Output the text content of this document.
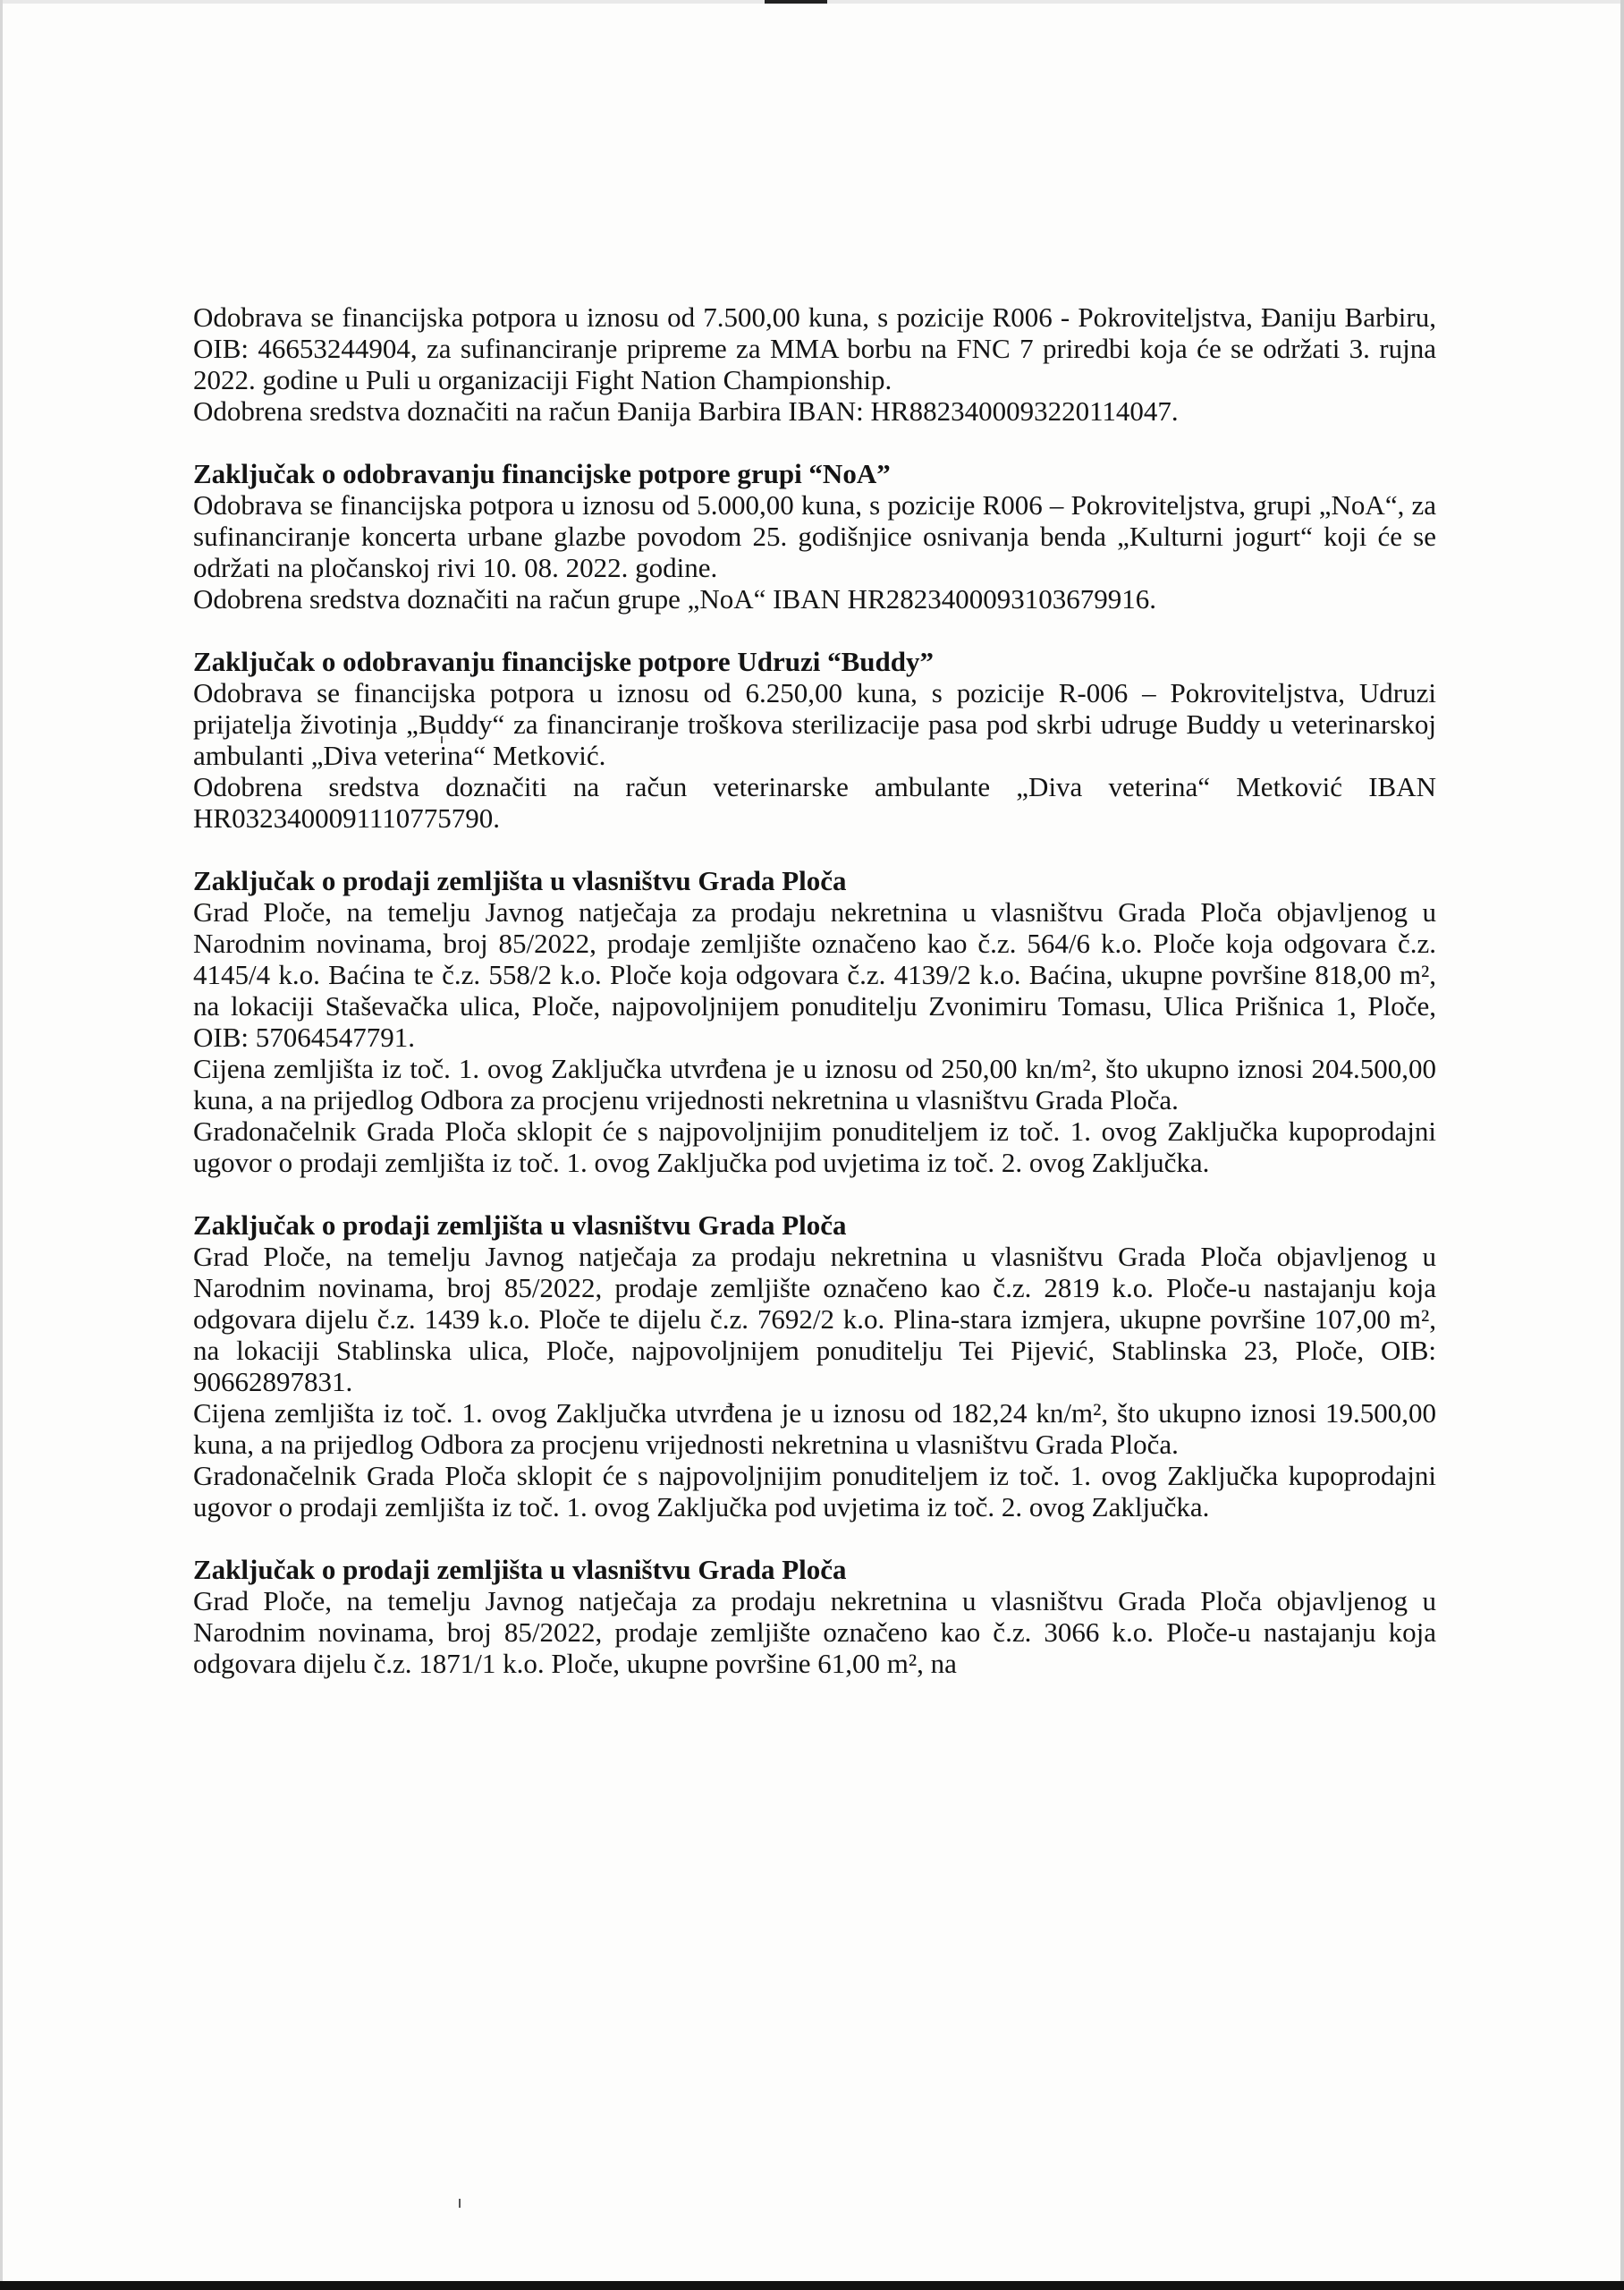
Odobrava se financijska potpora u iznosu od 7.500,00 kuna, s pozicije R006 - Pokroviteljstva, Đaniju Barbiru, OIB: 46653244904, za sufinanciranje pripreme za MMA borbu na FNC 7 priredbi koja će se održati 3. rujna 2022. godine u Puli u organizaciji Fight Nation Championship.

Odobrena sredstva doznačiti na račun Đanija Barbira IBAN: HR8823400093220114047.

Zaključak o odobravanju financijske potpore grupi “NoA”

Odobrava se financijska potpora u iznosu od 5.000,00 kuna, s pozicije R006 – Pokroviteljstva, grupi „NoA“, za sufinanciranje koncerta urbane glazbe povodom 25. godišnjice osnivanja benda „Kulturni jogurt“ koji će se održati na pločanskoj rivi 10. 08. 2022. godine.

Odobrena sredstva doznačiti na račun grupe „NoA“ IBAN HR2823400093103679916.

Zaključak o odobravanju financijske potpore Udruzi “Buddy”

Odobrava se financijska potpora u iznosu od 6.250,00 kuna, s pozicije R-006 – Pokroviteljstva, Udruzi prijatelja životinja „Buddy“ za financiranje troškova sterilizacije pasa pod skrbi udruge Buddy u veterinarskoj ambulanti „Diva veterina“ Metković.

Odobrena sredstva doznačiti na račun veterinarske ambulante „Diva veterina“ Metković IBAN HR0323400091110775790.

Zaključak o prodaji zemljišta u vlasništvu Grada Ploča

Grad Ploče, na temelju Javnog natječaja za prodaju nekretnina u vlasništvu Grada Ploča objavljenog u Narodnim novinama, broj 85/2022, prodaje zemljište označeno kao č.z. 564/6 k.o. Ploče koja odgovara č.z. 4145/4 k.o. Baćina te č.z. 558/2 k.o. Ploče koja odgovara č.z. 4139/2 k.o. Baćina, ukupne površine 818,00 m², na lokaciji Staševačka ulica, Ploče, najpovoljnijem ponuditelju Zvonimiru Tomasu, Ulica Prišnica 1, Ploče, OIB: 57064547791.

Cijena zemljišta iz toč. 1. ovog Zaključka utvrđena je u iznosu od 250,00 kn/m², što ukupno iznosi 204.500,00 kuna, a na prijedlog Odbora za procjenu vrijednosti nekretnina u vlasništvu Grada Ploča.

Gradonačelnik Grada Ploča sklopit će s najpovoljnijim ponuditeljem iz toč. 1. ovog Zaključka kupoprodajni ugovor o prodaji zemljišta iz toč. 1. ovog Zaključka pod uvjetima iz toč. 2. ovog Zaključka.

Zaključak o prodaji zemljišta u vlasništvu Grada Ploča

Grad Ploče, na temelju Javnog natječaja za prodaju nekretnina u vlasništvu Grada Ploča objavljenog u Narodnim novinama, broj 85/2022, prodaje zemljište označeno kao č.z. 2819 k.o. Ploče-u nastajanju koja odgovara dijelu č.z. 1439 k.o. Ploče te dijelu č.z. 7692/2 k.o. Plina-stara izmjera, ukupne površine 107,00 m², na lokaciji Stablinska ulica, Ploče, najpovoljnijem ponuditelju Tei Pijević, Stablinska 23, Ploče, OIB: 90662897831.

Cijena zemljišta iz toč. 1. ovog Zaključka utvrđena je u iznosu od 182,24 kn/m², što ukupno iznosi 19.500,00 kuna, a na prijedlog Odbora za procjenu vrijednosti nekretnina u vlasništvu Grada Ploča.

Gradonačelnik Grada Ploča sklopit će s najpovoljnijim ponuditeljem iz toč. 1. ovog Zaključka kupoprodajni ugovor o prodaji zemljišta iz toč. 1. ovog Zaključka pod uvjetima iz toč. 2. ovog Zaključka.

Zaključak o prodaji zemljišta u vlasništvu Grada Ploča

Grad Ploče, na temelju Javnog natječaja za prodaju nekretnina u vlasništvu Grada Ploča objavljenog u Narodnim novinama, broj 85/2022, prodaje zemljište označeno kao č.z. 3066 k.o. Ploče-u nastajanju koja odgovara dijelu č.z. 1871/1 k.o. Ploče, ukupne površine 61,00 m², na
